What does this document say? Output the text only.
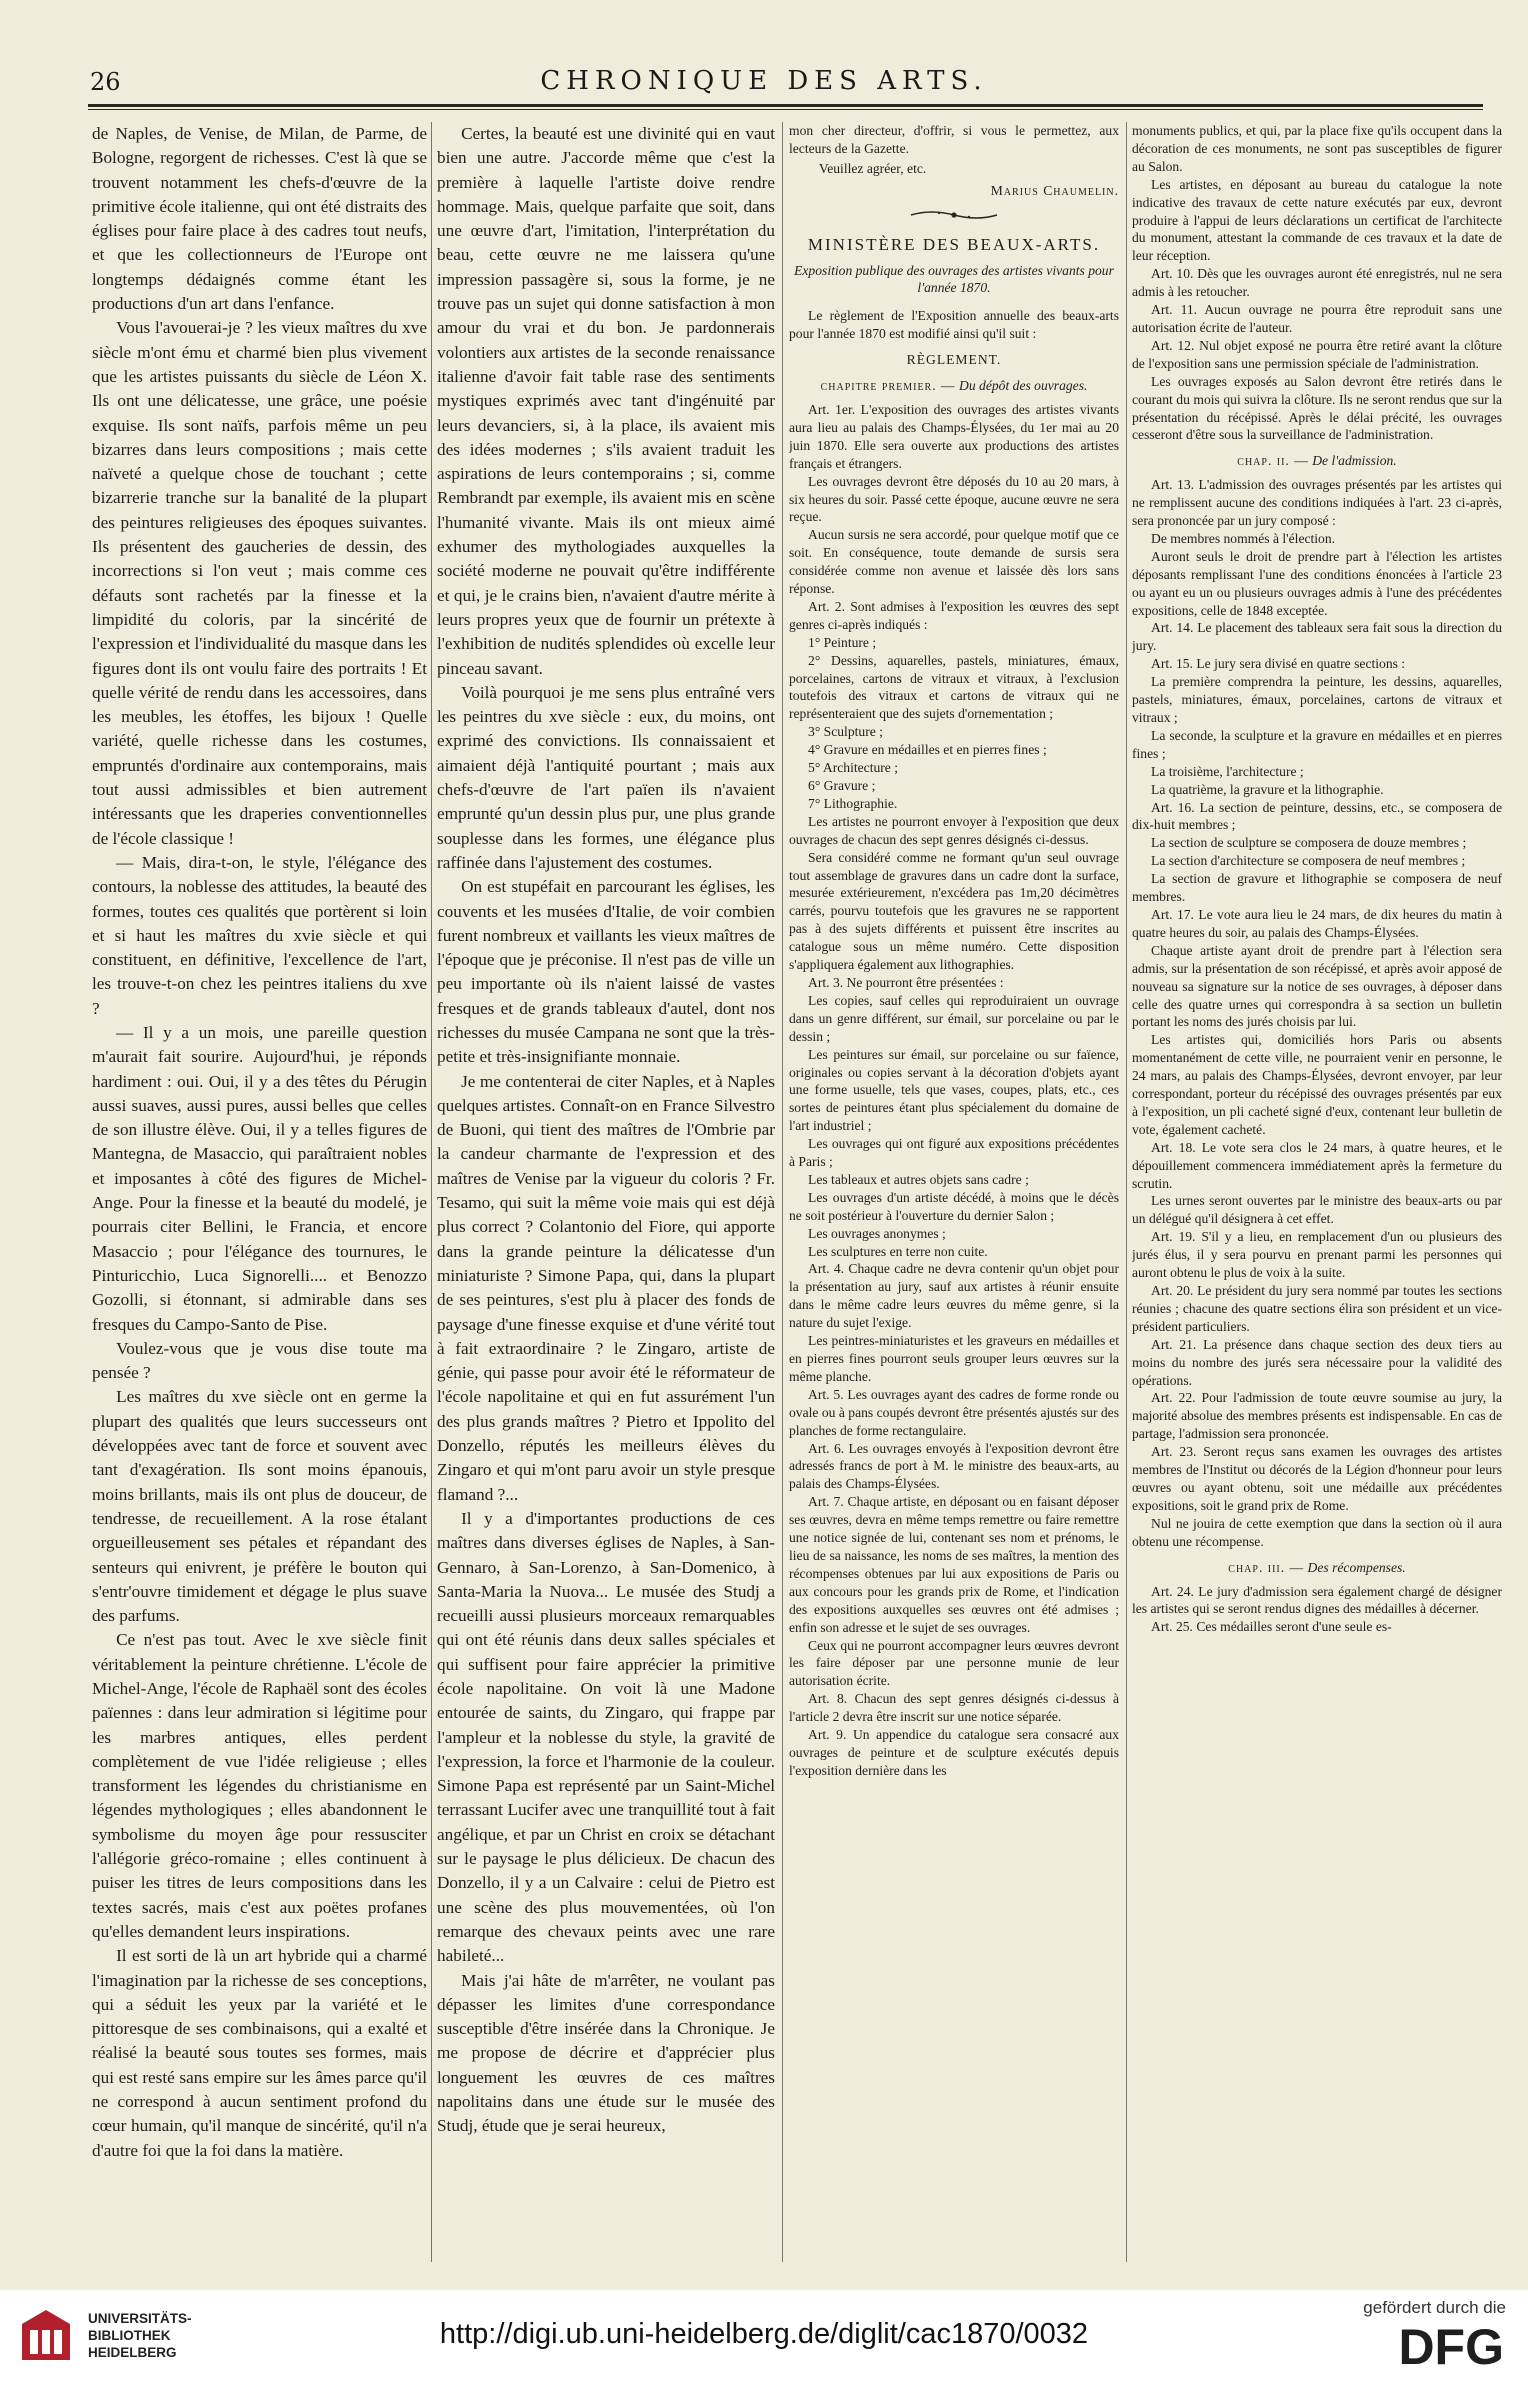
26	CHRONIQUE DES ARTS.

de Naples, de Venise, de Milan, de Parme, de Bologne, regorgent de richesses. C'est là que se trouvent notamment les chefs-d'œuvre de la primitive école italienne, qui ont été distraits des églises pour faire place à des cadres tout neufs, et que les collectionneurs de l'Europe ont longtemps dédaignés comme étant les productions d'un art dans l'enfance.

Vous l'avouerai-je ? les vieux maîtres du xve siècle m'ont ému et charmé bien plus vivement que les artistes puissants du siècle de Léon X. Ils ont une délicatesse, une grâce, une poésie exquise. Ils sont naïfs, parfois même un peu bizarres dans leurs compositions ; mais cette naïveté a quelque chose de touchant ; cette bizarrerie tranche sur la banalité de la plupart des peintures religieuses des époques suivantes. Ils présentent des gaucheries de dessin, des incorrections si l'on veut ; mais comme ces défauts sont rachetés par la finesse et la limpidité du coloris, par la sincérité de l'expression et l'individualité du masque dans les figures dont ils ont voulu faire des portraits ! Et quelle vérité de rendu dans les accessoires, dans les meubles, les étoffes, les bijoux ! Quelle variété, quelle richesse dans les costumes, empruntés d'ordinaire aux contemporains, mais tout aussi admissibles et bien autrement intéressants que les draperies conventionnelles de l'école classique !

— Mais, dira-t-on, le style, l'élégance des contours, la noblesse des attitudes, la beauté des formes, toutes ces qualités que portèrent si loin et si haut les maîtres du xvie siècle et qui constituent, en définitive, l'excellence de l'art, les trouve-t-on chez les peintres italiens du xve ?

— Il y a un mois, une pareille question m'aurait fait sourire. Aujourd'hui, je réponds hardiment : oui. Oui, il y a des têtes du Pérugin aussi suaves, aussi pures, aussi belles que celles de son illustre élève. Oui, il y a telles figures de Mantegna, de Masaccio, qui paraîtraient nobles et imposantes à côté des figures de Michel-Ange. Pour la finesse et la beauté du modelé, je pourrais citer Bellini, le Francia, et encore Masaccio ; pour l'élégance des tournures, le Pinturicchio, Luca Signorelli.... et Benozzo Gozolli, si étonnant, si admirable dans ses fresques du Campo-Santo de Pise.

Voulez-vous que je vous dise toute ma pensée ?

Les maîtres du xve siècle ont en germe la plupart des qualités que leurs successeurs ont développées avec tant de force et souvent avec tant d'exagération. Ils sont moins épanouis, moins brillants, mais ils ont plus de douceur, de tendresse, de recueillement. A la rose étalant orgueilleusement ses pétales et répandant des senteurs qui enivrent, je préfère le bouton qui s'entr'ouvre timidement et dégage le plus suave des parfums.

Ce n'est pas tout. Avec le xve siècle finit véritablement la peinture chrétienne. L'école de Michel-Ange, l'école de Raphaël sont des écoles païennes : dans leur admiration si légitime pour les marbres antiques, elles perdent complètement de vue l'idée religieuse ; elles transforment les légendes du christianisme en légendes mythologiques ; elles abandonnent le symbolisme du moyen âge pour ressusciter l'allégorie gréco-romaine ; elles continuent à puiser les titres de leurs compositions dans les textes sacrés, mais c'est aux poëtes profanes qu'elles demandent leurs inspirations.

Il est sorti de là un art hybride qui a charmé l'imagination par la richesse de ses conceptions, qui a séduit les yeux par la variété et le pittoresque de ses combinaisons, qui a exalté et réalisé la beauté sous toutes ses formes, mais qui est resté sans empire sur les âmes parce qu'il ne correspond à aucun sentiment profond du cœur humain, qu'il manque de sincérité, qu'il n'a d'autre foi que la foi dans la matière.

Certes, la beauté est une divinité qui en vaut bien une autre. J'accorde même que c'est la première à laquelle l'artiste doive rendre hommage. Mais, quelque parfaite que soit, dans une œuvre d'art, l'imitation, l'interprétation du beau, cette œuvre ne me laissera qu'une impression passagère si, sous la forme, je ne trouve pas un sujet qui donne satisfaction à mon amour du vrai et du bon. Je pardonnerais volontiers aux artistes de la seconde renaissance italienne d'avoir fait table rase des sentiments mystiques exprimés avec tant d'ingénuité par leurs devanciers, si, à la place, ils avaient mis des idées modernes ; s'ils avaient traduit les aspirations de leurs contemporains ; si, comme Rembrandt par exemple, ils avaient mis en scène l'humanité vivante. Mais ils ont mieux aimé exhumer des mythologiades auxquelles la société moderne ne pouvait qu'être indifférente et qui, je le crains bien, n'avaient d'autre mérite à leurs propres yeux que de fournir un prétexte à l'exhibition de nudités splendides où excelle leur pinceau savant.

Voilà pourquoi je me sens plus entraîné vers les peintres du xve siècle : eux, du moins, ont exprimé des convictions. Ils connaissaient et aimaient déjà l'antiquité pourtant ; mais aux chefs-d'œuvre de l'art païen ils n'avaient emprunté qu'un dessin plus pur, une plus grande souplesse dans les formes, une élégance plus raffinée dans l'ajustement des costumes.

On est stupéfait en parcourant les églises, les couvents et les musées d'Italie, de voir combien furent nombreux et vaillants les vieux maîtres de l'époque que je préconise. Il n'est pas de ville un peu importante où ils n'aient laissé de vastes fresques et de grands tableaux d'autel, dont nos richesses du musée Campana ne sont que la très-petite et très-insignifiante monnaie.

Je me contenterai de citer Naples, et à Naples quelques artistes. Connaît-on en France Silvestro de Buoni, qui tient des maîtres de l'Ombrie par la candeur charmante de l'expression et des maîtres de Venise par la vigueur du coloris ? Fr. Tesamo, qui suit la même voie mais qui est déjà plus correct ? Colantonio del Fiore, qui apporte dans la grande peinture la délicatesse d'un miniaturiste ? Simone Papa, qui, dans la plupart de ses peintures, s'est plu à placer des fonds de paysage d'une finesse exquise et d'une vérité tout à fait extraordinaire ? le Zingaro, artiste de génie, qui passe pour avoir été le réformateur de l'école napolitaine et qui en fut assurément l'un des plus grands maîtres ? Pietro et Ippolito del Donzello, réputés les meilleurs élèves du Zingaro et qui m'ont paru avoir un style presque flamand ?...

Il y a d'importantes productions de ces maîtres dans diverses églises de Naples, à San-Gennaro, à San-Lorenzo, à San-Domenico, à Santa-Maria la Nuova... Le musée des Studj a recueilli aussi plusieurs morceaux remarquables qui ont été réunis dans deux salles spéciales et qui suffisent pour faire apprécier la primitive école napolitaine. On voit là une Madone entourée de saints, du Zingaro, qui frappe par l'ampleur et la noblesse du style, la gravité de l'expression, la force et l'harmonie de la couleur. Simone Papa est représenté par un Saint-Michel terrassant Lucifer avec une tranquillité tout à fait angélique, et par un Christ en croix se détachant sur le paysage le plus délicieux. De chacun des Donzello, il y a un Calvaire : celui de Pietro est une scène des plus mouvementées, où l'on remarque des chevaux peints avec une rare habileté...

Mais j'ai hâte de m'arrêter, ne voulant pas dépasser les limites d'une correspondance susceptible d'être insérée dans la Chronique. Je me propose de décrire et d'apprécier plus longuement les œuvres de ces maîtres napolitains dans une étude sur le musée des Studj, étude que je serai heureux,

mon cher directeur, d'offrir, si vous le permettez, aux lecteurs de la Gazette.

Veuillez agréer, etc.

Marius Chaumelin.

MINISTÈRE DES BEAUX-ARTS.

Exposition publique des ouvrages des artistes vivants pour l'année 1870.

Le règlement de l'Exposition annuelle des beaux-arts pour l'année 1870 est modifié ainsi qu'il suit :

RÈGLEMENT.

chapitre premier. — Du dépôt des ouvrages.

Art. 1er. L'exposition des ouvrages des artistes vivants aura lieu au palais des Champs-Élysées, du 1er mai au 20 juin 1870. Elle sera ouverte aux productions des artistes français et étrangers.

Les ouvrages devront être déposés du 10 au 20 mars, à six heures du soir. Passé cette époque, aucune œuvre ne sera reçue.

Aucun sursis ne sera accordé, pour quelque motif que ce soit. En conséquence, toute demande de sursis sera considérée comme non avenue et laissée dès lors sans réponse.

Art. 2. Sont admises à l'exposition les œuvres des sept genres ci-après indiqués :

1° Peinture ;

2° Dessins, aquarelles, pastels, miniatures, émaux, porcelaines, cartons de vitraux et vitraux, à l'exclusion toutefois des vitraux et cartons de vitraux qui ne représenteraient que des sujets d'ornementation ;

3° Sculpture ;

4° Gravure en médailles et en pierres fines ;

5° Architecture ;

6° Gravure ;

7° Lithographie.

Les artistes ne pourront envoyer à l'exposition que deux ouvrages de chacun des sept genres désignés ci-dessus.

Sera considéré comme ne formant qu'un seul ouvrage tout assemblage de gravures dans un cadre dont la surface, mesurée extérieurement, n'excédera pas 1m,20 décimètres carrés, pourvu toutefois que les gravures ne se rapportent pas à des sujets différents et puissent être inscrites au catalogue sous un même numéro. Cette disposition s'appliquera également aux lithographies.

Art. 3. Ne pourront être présentées :

Les copies, sauf celles qui reproduiraient un ouvrage dans un genre différent, sur émail, sur porcelaine ou par le dessin ;

Les peintures sur émail, sur porcelaine ou sur faïence, originales ou copies servant à la décoration d'objets ayant une forme usuelle, tels que vases, coupes, plats, etc., ces sortes de peintures étant plus spécialement du domaine de l'art industriel ;

Les ouvrages qui ont figuré aux expositions précédentes à Paris ;

Les tableaux et autres objets sans cadre ;

Les ouvrages d'un artiste décédé, à moins que le décès ne soit postérieur à l'ouverture du dernier Salon ;

Les ouvrages anonymes ;

Les sculptures en terre non cuite.

Art. 4. Chaque cadre ne devra contenir qu'un objet pour la présentation au jury, sauf aux artistes à réunir ensuite dans le même cadre leurs œuvres du même genre, si la nature du sujet l'exige.

Les peintres-miniaturistes et les graveurs en médailles et en pierres fines pourront seuls grouper leurs œuvres sur la même planche.

Art. 5. Les ouvrages ayant des cadres de forme ronde ou ovale ou à pans coupés devront être présentés ajustés sur des planches de forme rectangulaire.

Art. 6. Les ouvrages envoyés à l'exposition devront être adressés francs de port à M. le ministre des beaux-arts, au palais des Champs-Élysées.

Art. 7. Chaque artiste, en déposant ou en faisant déposer ses œuvres, devra en même temps remettre ou faire remettre une notice signée de lui, contenant ses nom et prénoms, le lieu de sa naissance, les noms de ses maîtres, la mention des récompenses obtenues par lui aux expositions de Paris ou aux concours pour les grands prix de Rome, et l'indication des expositions auxquelles ses œuvres ont été admises ; enfin son adresse et le sujet de ses ouvrages.

Ceux qui ne pourront accompagner leurs œuvres devront les faire déposer par une personne munie de leur autorisation écrite.

Art. 8. Chacun des sept genres désignés ci-dessus à l'article 2 devra être inscrit sur une notice séparée.

Art. 9. Un appendice du catalogue sera consacré aux ouvrages de peinture et de sculpture exécutés depuis l'exposition dernière dans les

monuments publics, et qui, par la place fixe qu'ils occupent dans la décoration de ces monuments, ne sont pas susceptibles de figurer au Salon.

Les artistes, en déposant au bureau du catalogue la note indicative des travaux de cette nature exécutés par eux, devront produire à l'appui de leurs déclarations un certificat de l'architecte du monument, attestant la commande de ces travaux et la date de leur réception.

Art. 10. Dès que les ouvrages auront été enregistrés, nul ne sera admis à les retoucher.

Art. 11. Aucun ouvrage ne pourra être reproduit sans une autorisation écrite de l'auteur.

Art. 12. Nul objet exposé ne pourra être retiré avant la clôture de l'exposition sans une permission spéciale de l'administration.

Les ouvrages exposés au Salon devront être retirés dans le courant du mois qui suivra la clôture. Ils ne seront rendus que sur la présentation du récépissé. Après le délai précité, les ouvrages cesseront d'être sous la surveillance de l'administration.

chap. ii. — De l'admission.

Art. 13. L'admission des ouvrages présentés par les artistes qui ne remplissent aucune des conditions indiquées à l'art. 23 ci-après, sera prononcée par un jury composé :

De membres nommés à l'élection.

Auront seuls le droit de prendre part à l'élection les artistes déposants remplissant l'une des conditions énoncées à l'article 23 ou ayant eu un ou plusieurs ouvrages admis à l'une des précédentes expositions, celle de 1848 exceptée.

Art. 14. Le placement des tableaux sera fait sous la direction du jury.

Art. 15. Le jury sera divisé en quatre sections :

La première comprendra la peinture, les dessins, aquarelles, pastels, miniatures, émaux, porcelaines, cartons de vitraux et vitraux ;

La seconde, la sculpture et la gravure en médailles et en pierres fines ;

La troisième, l'architecture ;

La quatrième, la gravure et la lithographie.

Art. 16. La section de peinture, dessins, etc., se composera de dix-huit membres ;

La section de sculpture se composera de douze membres ;

La section d'architecture se composera de neuf membres ;

La section de gravure et lithographie se composera de neuf membres.

Art. 17. Le vote aura lieu le 24 mars, de dix heures du matin à quatre heures du soir, au palais des Champs-Élysées.

Chaque artiste ayant droit de prendre part à l'élection sera admis, sur la présentation de son récépissé, et après avoir apposé de nouveau sa signature sur la notice de ses ouvrages, à déposer dans celle des quatre urnes qui correspondra à sa section un bulletin portant les noms des jurés choisis par lui.

Les artistes qui, domiciliés hors Paris ou absents momentanément de cette ville, ne pourraient venir en personne, le 24 mars, au palais des Champs-Élysées, devront envoyer, par leur correspondant, porteur du récépissé des ouvrages présentés par eux à l'exposition, un pli cacheté signé d'eux, contenant leur bulletin de vote, également cacheté.

Art. 18. Le vote sera clos le 24 mars, à quatre heures, et le dépouillement commencera immédiatement après la fermeture du scrutin.

Les urnes seront ouvertes par le ministre des beaux-arts ou par un délégué qu'il désignera à cet effet.

Art. 19. S'il y a lieu, en remplacement d'un ou plusieurs des jurés élus, il y sera pourvu en prenant parmi les personnes qui auront obtenu le plus de voix à la suite.

Art. 20. Le président du jury sera nommé par toutes les sections réunies ; chacune des quatre sections élira son président et un vice-président particuliers.

Art. 21. La présence dans chaque section des deux tiers au moins du nombre des jurés sera nécessaire pour la validité des opérations.

Art. 22. Pour l'admission de toute œuvre soumise au jury, la majorité absolue des membres présents est indispensable. En cas de partage, l'admission sera prononcée.

Art. 23. Seront reçus sans examen les ouvrages des artistes membres de l'Institut ou décorés de la Légion d'honneur pour leurs œuvres ou ayant obtenu, soit une médaille aux précédentes expositions, soit le grand prix de Rome.

Nul ne jouira de cette exemption que dans la section où il aura obtenu une récompense.

chap. iii. — Des récompenses.

Art. 24. Le jury d'admission sera également chargé de désigner les artistes qui se seront rendus dignes des médailles à décerner.

Art. 25. Ces médailles seront d'une seule es-

UNIVERSITÄTS-
BIBLIOTHEK
HEIDELBERG
http://digi.ub.uni-heidelberg.de/diglit/cac1870/0032
gefördert durch die
DFG
